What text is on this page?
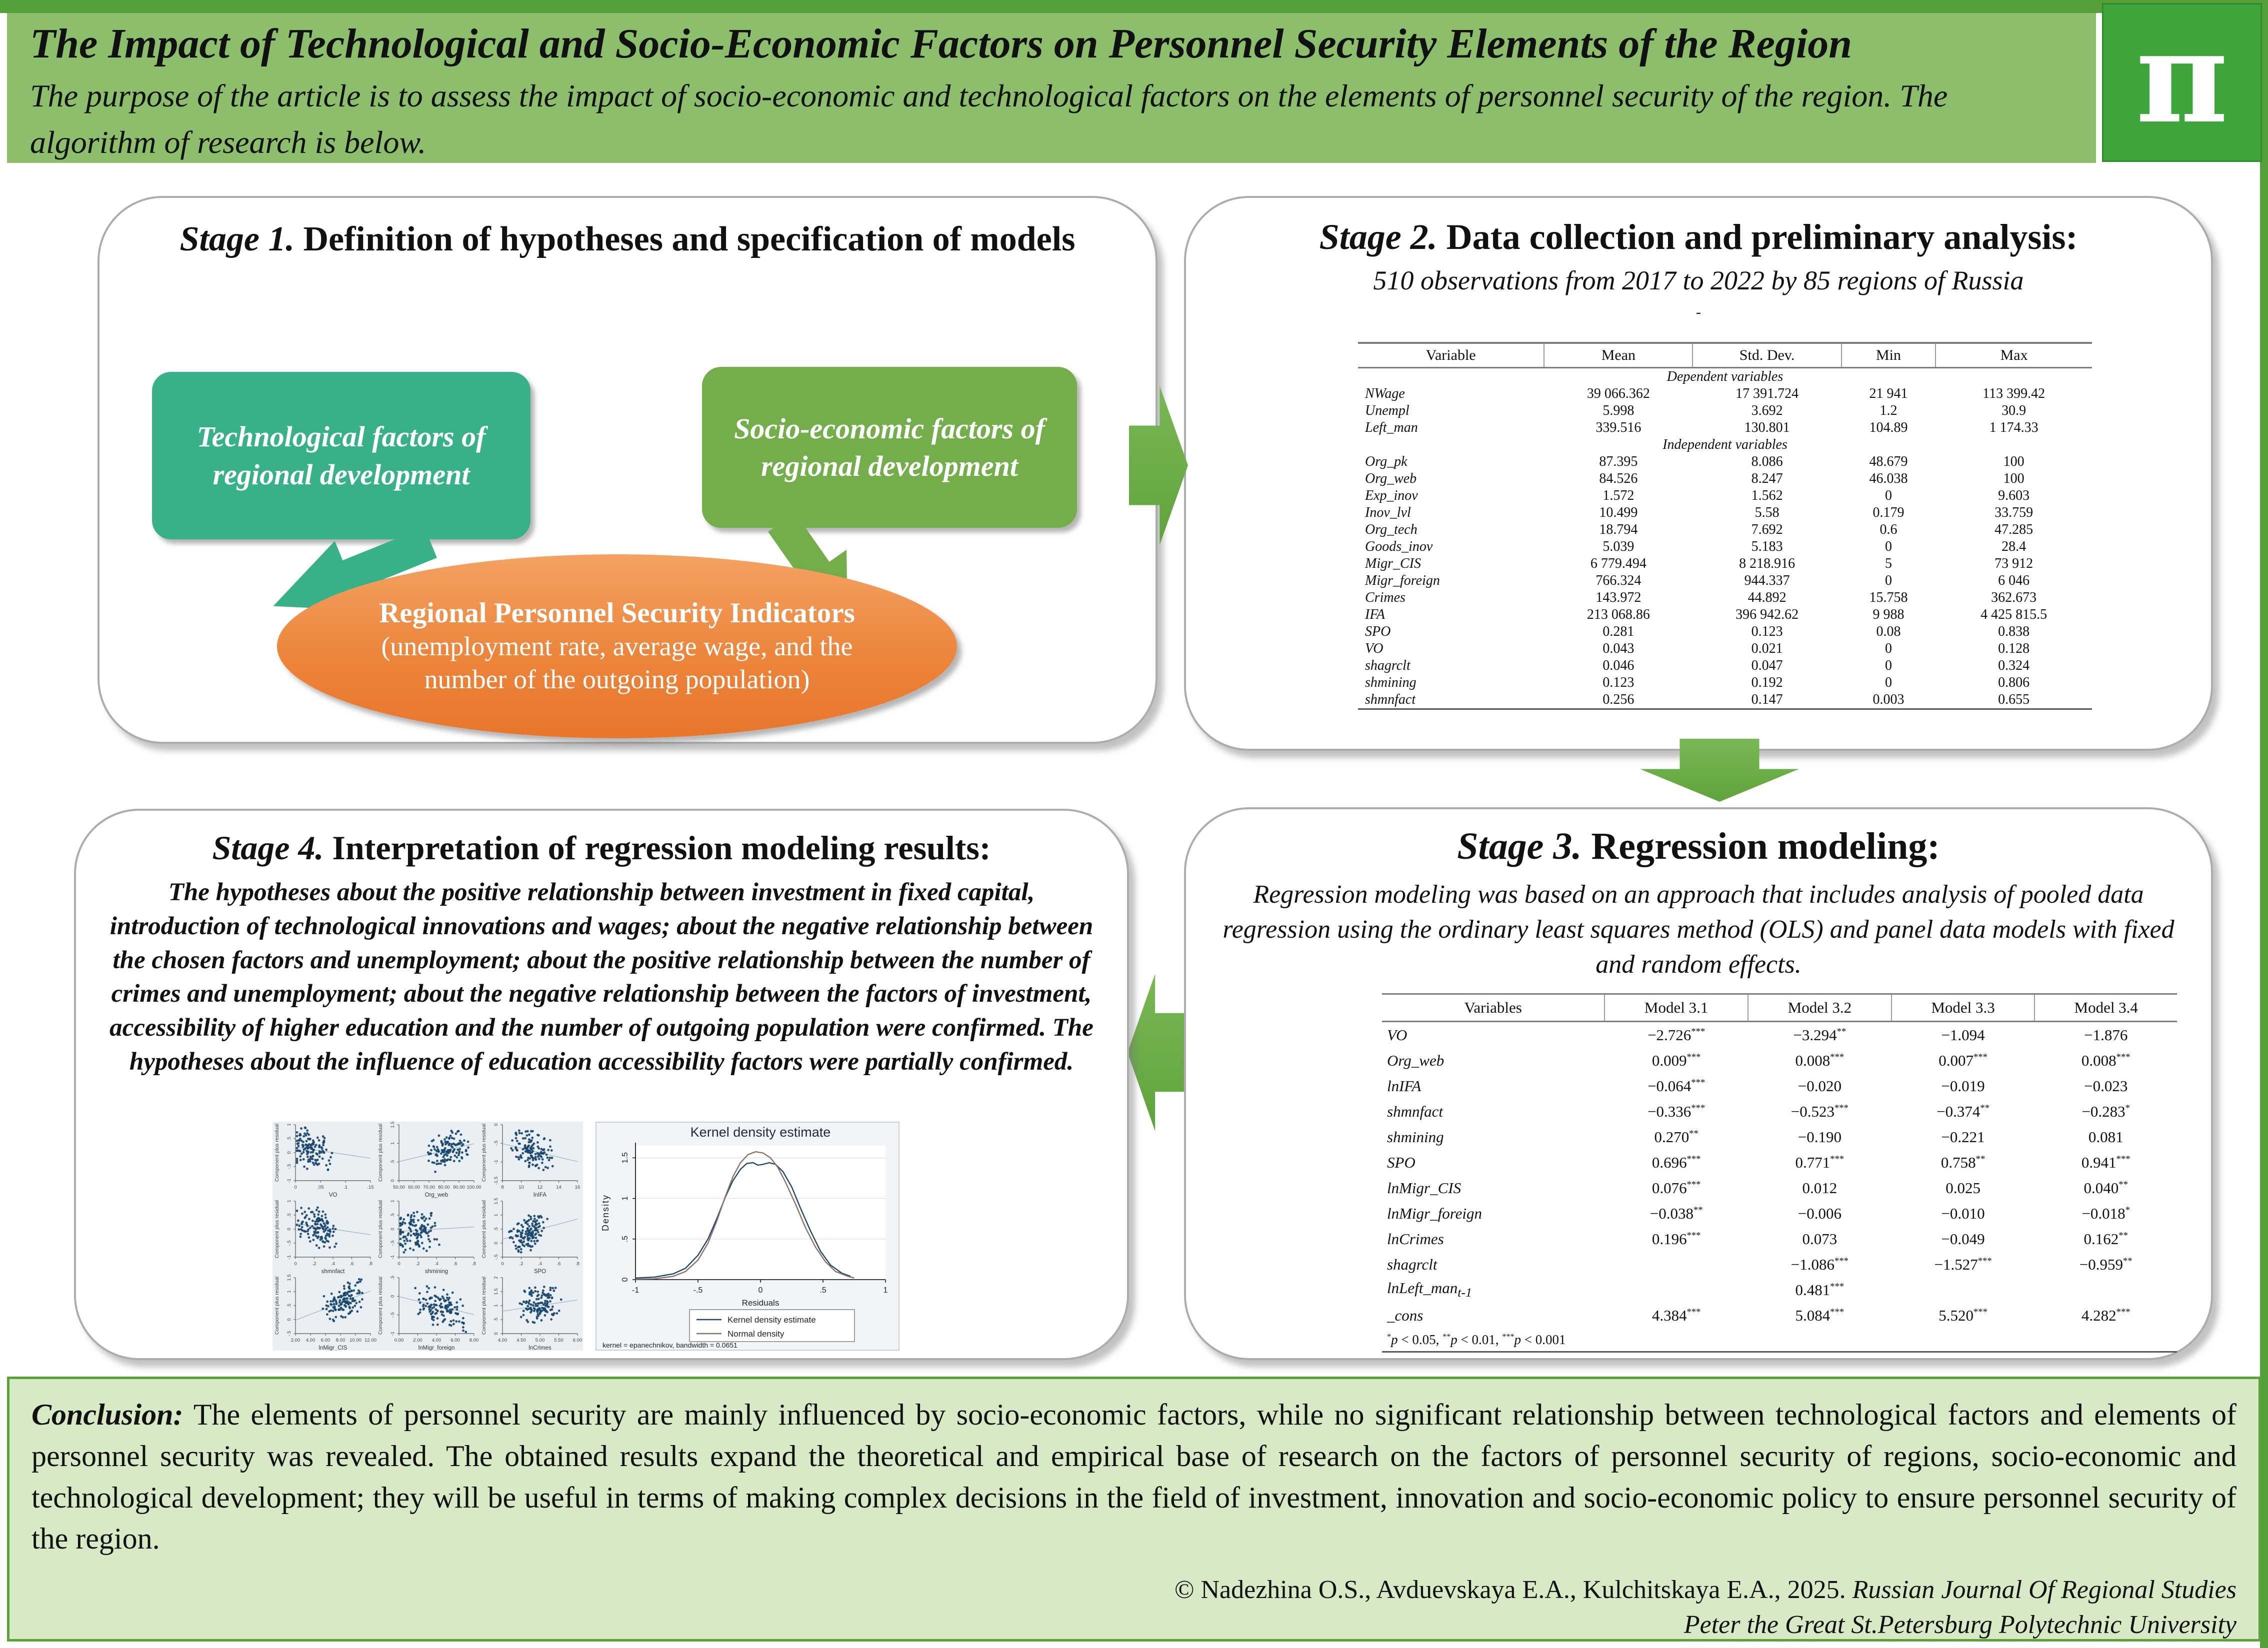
The Impact of Technological and Socio-Economic Factors on Personnel Security Elements of the Region

The purpose of the article is to assess the impact of socio-economic and technological factors on the elements of personnel security of the region. The algorithm of research is below.	π
Stage 1. Definition of hypotheses and specification of models
Technological factors of regional development
Socio-economic factors of regional development
Regional Personnel Security Indicators
(unemployment rate, average wage, and the number of the outgoing population)
Stage 2. Data collection and preliminary analysis:
510 observations from 2017 to 2022 by 85 regions of Russia
-
Variable	Mean	Std. Dev.	Min	Max
Dependent variables				
NWage	39 066.362	17 391.724	21 941	113 399.42
Unempl	5.998	3.692	1.2	30.9
Left_man	339.516	130.801	104.89	1 174.33
Independent variables				
Org_pk	87.395	8.086	48.679	100
Org_web	84.526	8.247	46.038	100
Exp_inov	1.572	1.562	0	9.603
Inov_lvl	10.499	5.58	0.179	33.759
Org_tech	18.794	7.692	0.6	47.285
Goods_inov	5.039	5.183	0	28.4
Migr_CIS	6 779.494	8 218.916	5	73 912
Migr_foreign	766.324	944.337	0	6 046
Crimes	143.972	44.892	15.758	362.673
IFA	213 068.86	396 942.62	9 988	4 425 815.5
SPO	0.281	0.123	0.08	0.838
VO	0.043	0.021	0	0.128
shagrclt	0.046	0.047	0	0.324
shmining	0.123	0.192	0	0.806
shmnfact	0.256	0.147	0.003	0.655
Stage 3. Regression modeling:
Regression modeling was based on an approach that includes analysis of pooled data regression using the ordinary least squares method (OLS) and panel data models with fixed and random effects.
Variables	Model 3.1	Model 3.2	Model 3.3	Model 3.4
VO	−2.726***	−3.294**	−1.094	−1.876
Org_web	0.009***	0.008***	0.007***	0.008***
lnIFA	−0.064***	−0.020	−0.019	−0.023
shmnfact	−0.336***	−0.523***	−0.374**	−0.283*
shmining	0.270**	−0.190	−0.221	0.081
SPO	0.696***	0.771***	0.758**	0.941***
lnMigr_CIS	0.076***	0.012	0.025	0.040**
lnMigr_foreign	−0.038**	−0.006	−0.010	−0.018*
lnCrimes	0.196***	0.073	−0.049	0.162**
shagrclt		−1.086***	−1.527***	−0.959**
lnLeft_man$_{t-1}$		0.481***		
_cons	4.384***	5.084***	5.520***	4.282***
*p < 0.05, **p < 0.01, ***p < 0.001				
Stage 4. Interpretation of regression modeling results:
The hypotheses about the positive relationship between investment in fixed capital, introduction of technological innovations and wages; about the negative relationship between the chosen factors and unemployment; about the positive relationship between the number of crimes and unemployment; about the negative relationship between the factors of investment, accessibility of higher education and the number of outgoing population were confirmed. The hypotheses about the influence of education accessibility factors were partially confirmed.
Component plus residual -1
-.5
0
.5
1
0	.05	.1	.15
VO
Component plus residual 0
.5
1
1.5
50.00 60.00 70.00 80.00 90.00 100.00
Org_web
Component plus residual -1.5
-1
-.5
0
8	10	12	14	16
lnIFA
Component plus residual -1
-.5
0
.5
1
0	.2	.4	.6	.8
shmnfact
Component plus residual -1
-.5
0
.5
1
0	.2	.4	.6	.8
shmining
Component plus residual -.5
0
.5
1
1.5
0	.2	.4	.6	.8
SPO
Component plus residual -.5
0
.5
1
1.5
2.00 4.00 6.00 8.00 10.00 12.00
lnMigr_CIS
Component plus residual -1
-.5
0
.5
0.00 2.00 4.00 6.00 8.00
lnMigr_foreign
Component plus residual 0
.5
1
1.5
2
4.00 4.50 5.00 5.50 6.00
lnCrimes
Kernel density estimate
0
.5
1
1.5
Density
-1	-.5	0	.5	1
Residuals
Kernel density estimate
Normal density
kernel = epanechnikov, bandwidth = 0.0651

Conclusion: The elements of personnel security are mainly influenced by socio-economic factors, while no significant relationship between technological factors and elements of personnel security was revealed. The obtained results expand the theoretical and empirical base of research on the factors of personnel security of regions, socio-economic and technological development; they will be useful in terms of making complex decisions in the field of investment, innovation and socio-economic policy to ensure personnel security of the region.

© Nadezhina O.S., Avduevskaya E.A., Kulchitskaya E.A., 2025. Russian Journal Of Regional Studies
Peter the Great St.Petersburg Polytechnic University
